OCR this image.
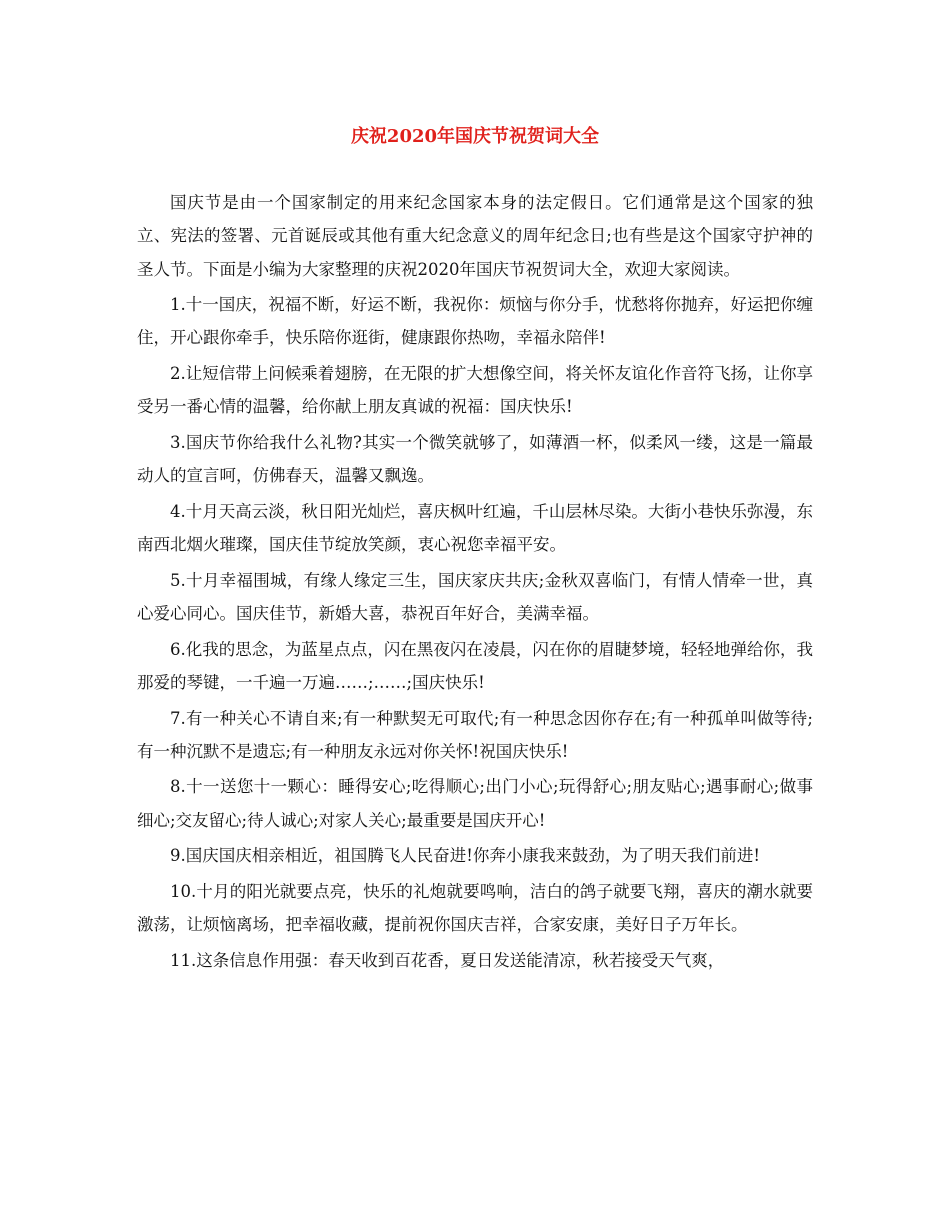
庆祝2020年国庆节祝贺词大全

国庆节是由一个国家制定的用来纪念国家本身的法定假日。它们通常是这个国家的独立、宪法的签署、元首诞辰或其他有重大纪念意义的周年纪念日;也有些是这个国家守护神的圣人节。下面是小编为大家整理的庆祝2020年国庆节祝贺词大全，欢迎大家阅读。

1.十一国庆，祝福不断，好运不断，我祝你：烦恼与你分手，忧愁将你抛弃，好运把你缠住，开心跟你牵手，快乐陪你逛街，健康跟你热吻，幸福永陪伴!

2.让短信带上问候乘着翅膀，在无限的扩大想像空间，将关怀友谊化作音符飞扬，让你享受另一番心情的温馨，给你献上朋友真诚的祝福：国庆快乐!

3.国庆节你给我什么礼物?其实一个微笑就够了，如薄酒一杯，似柔风一缕，这是一篇最动人的宣言呵，仿佛春天，温馨又飘逸。

4.十月天高云淡，秋日阳光灿烂，喜庆枫叶红遍，千山层林尽染。大街小巷快乐弥漫，东南西北烟火璀璨，国庆佳节绽放笑颜，衷心祝您幸福平安。

5.十月幸福围城，有缘人缘定三生，国庆家庆共庆;金秋双喜临门，有情人情牵一世，真心爱心同心。国庆佳节，新婚大喜，恭祝百年好合，美满幸福。

6.化我的思念，为蓝星点点，闪在黑夜闪在凌晨，闪在你的眉睫梦境，轻轻地弹给你，我那爱的琴键，一千遍一万遍……;……;国庆快乐!

7.有一种关心不请自来;有一种默契无可取代;有一种思念因你存在;有一种孤单叫做等待;有一种沉默不是遗忘;有一种朋友永远对你关怀!祝国庆快乐!

8.十一送您十一颗心：睡得安心;吃得顺心;出门小心;玩得舒心;朋友贴心;遇事耐心;做事细心;交友留心;待人诚心;对家人关心;最重要是国庆开心!

9.国庆国庆相亲相近，祖国腾飞人民奋进!你奔小康我来鼓劲，为了明天我们前进!

10.十月的阳光就要点亮，快乐的礼炮就要鸣响，洁白的鸽子就要飞翔，喜庆的潮水就要激荡，让烦恼离场，把幸福收藏，提前祝你国庆吉祥，合家安康，美好日子万年长。

11.这条信息作用强：春天收到百花香，夏日发送能清凉，秋若接受天气爽，
